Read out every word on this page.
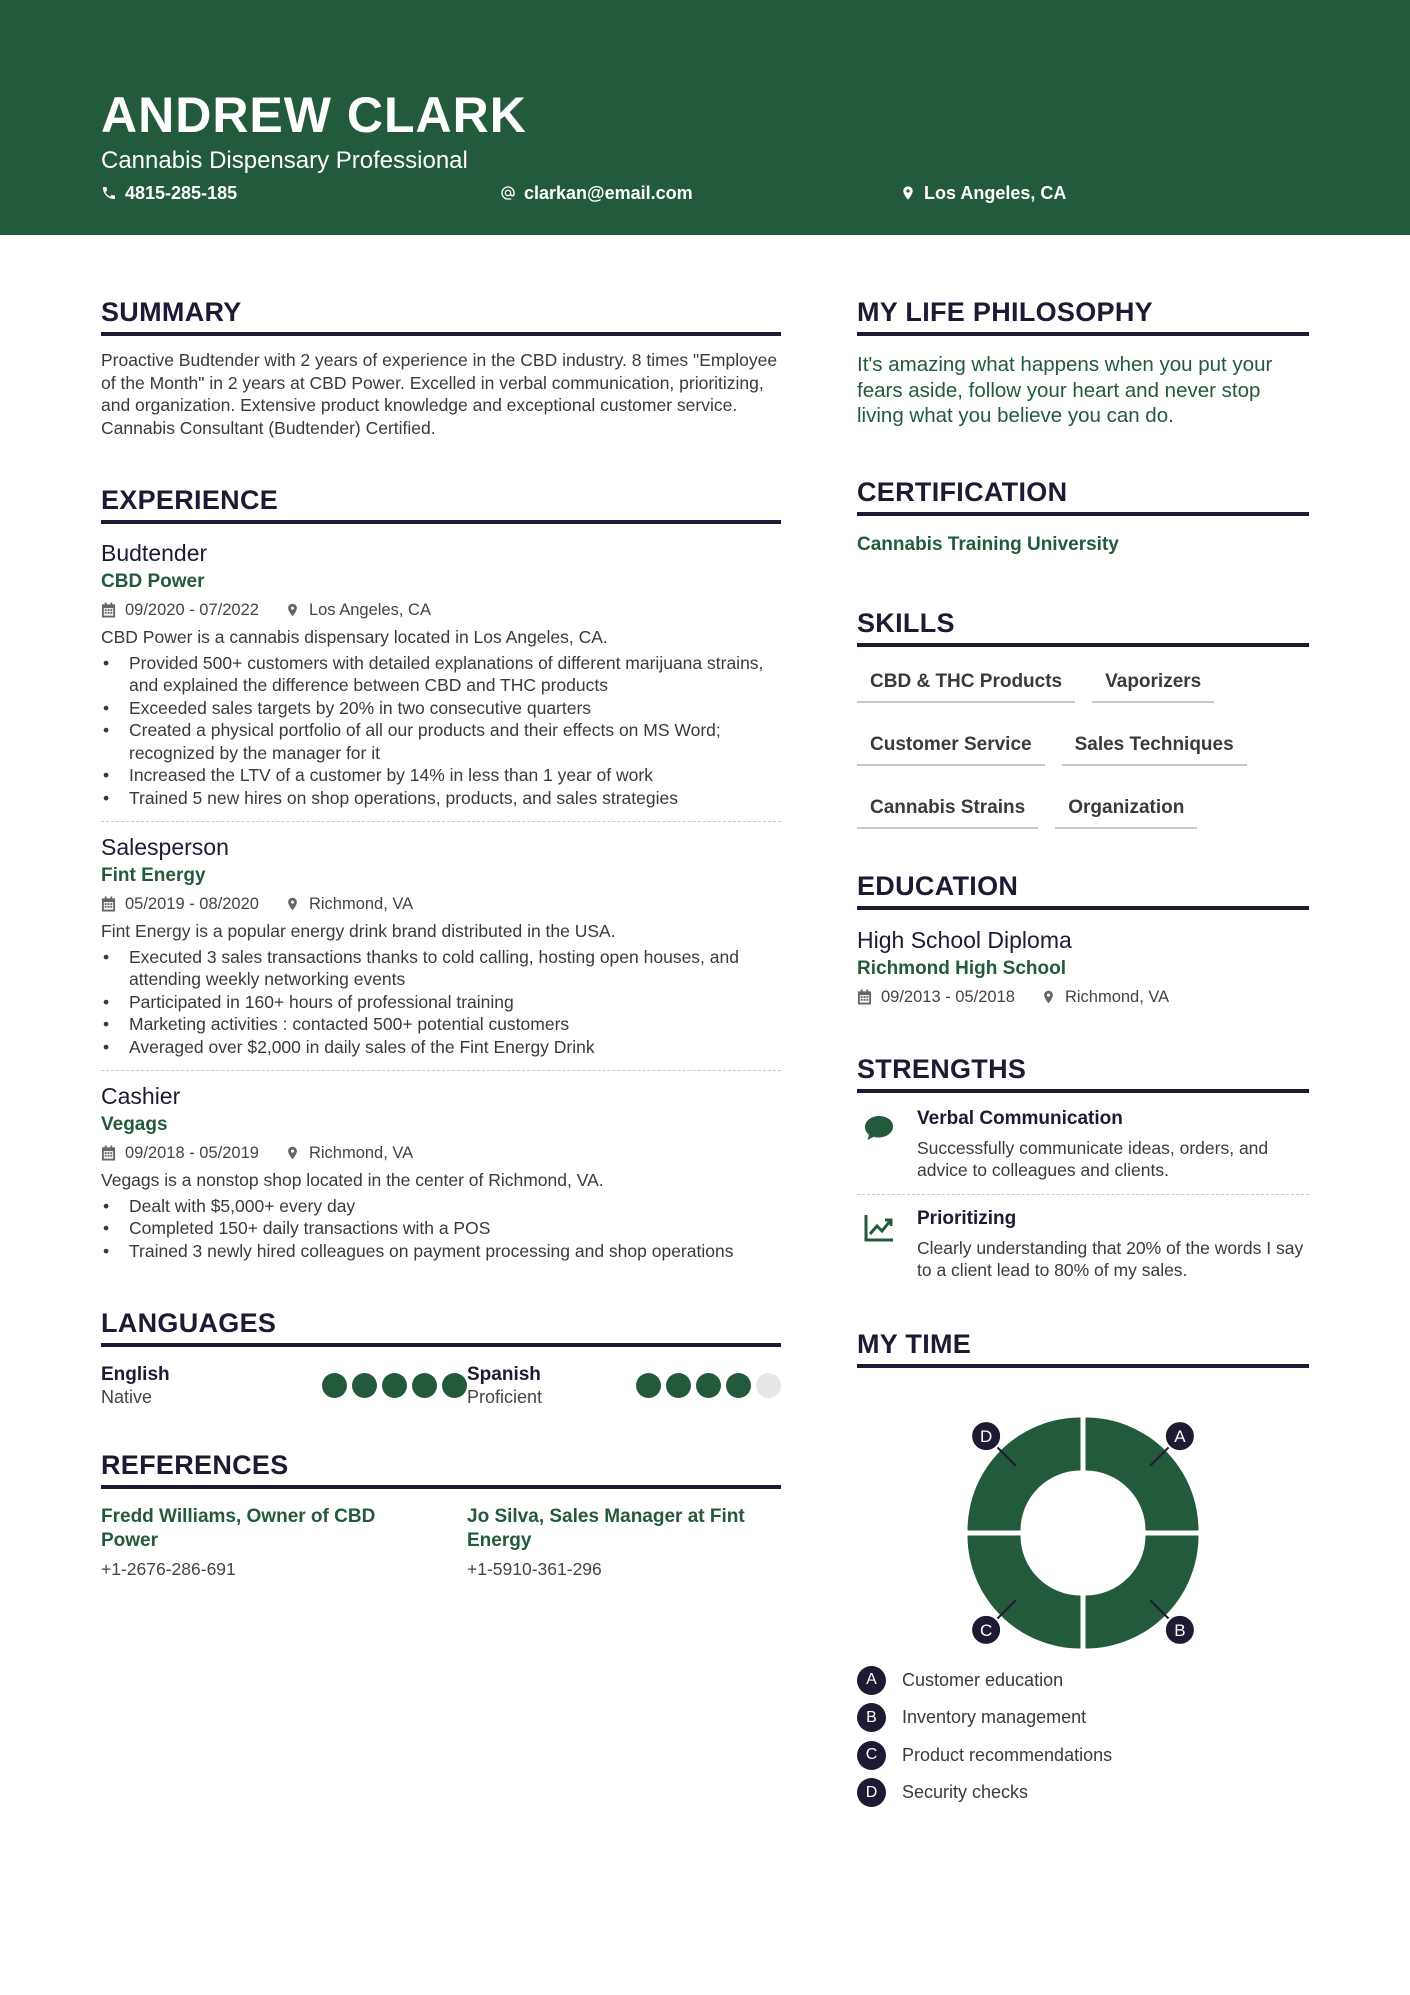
ANDREW CLARK
Cannabis Dispensary Professional
4815-285-185	clarkan@email.com	Los Angeles, CA
SUMMARY

Proactive Budtender with 2 years of experience in the CBD industry. 8 times "Employee of the Month" in 2 years at CBD Power. Excelled in verbal communication, prioritizing, and organization. Extensive product knowledge and exceptional customer service. Cannabis Consultant (Budtender) Certified.

EXPERIENCE
Budtender
CBD Power
09/2020 - 07/2022	Los Angeles, CA
CBD Power is a cannabis dispensary located in Los Angeles, CA.
• Provided 500+ customers with detailed explanations of different marijuana strains, and explained the difference between CBD and THC products
• Exceeded sales targets by 20% in two consecutive quarters
• Created a physical portfolio of all our products and their effects on MS Word; recognized by the manager for it
• Increased the LTV of a customer by 14% in less than 1 year of work
• Trained 5 new hires on shop operations, products, and sales strategies
Salesperson
Fint Energy
05/2019 - 08/2020	Richmond, VA
Fint Energy is a popular energy drink brand distributed in the USA.
• Executed 3 sales transactions thanks to cold calling, hosting open houses, and attending weekly networking events
• Participated in 160+ hours of professional training
• Marketing activities : contacted 500+ potential customers
• Averaged over $2,000 in daily sales of the Fint Energy Drink
Cashier
Vegags
09/2018 - 05/2019	Richmond, VA
Vegags is a nonstop shop located in the center of Richmond, VA.
• Dealt with $5,000+ every day
• Completed 150+ daily transactions with a POS
• Trained 3 newly hired colleagues on payment processing and shop operations
LANGUAGES
English
Native
Spanish
Proficient
REFERENCES
Fredd Williams, Owner of CBD Power
+1-2676-286-691
Jo Silva, Sales Manager at Fint Energy
+1-5910-361-296
MY LIFE PHILOSOPHY

It's amazing what happens when you put your fears aside, follow your heart and never stop living what you believe you can do.

CERTIFICATION
Cannabis Training University
SKILLS
CBD & THC Products	Vaporizers
Customer Service	Sales Techniques
Cannabis Strains	Organization
EDUCATION
High School Diploma
Richmond High School
09/2013 - 05/2018	Richmond, VA
STRENGTHS
Verbal Communication
Successfully communicate ideas, orders, and advice to colleagues and clients.
Prioritizing
Clearly understanding that 20% of the words I say to a client lead to 80% of my sales.
MY TIME
A
B
C
D
A	Customer education
B	Inventory management
C	Product recommendations
D	Security checks
